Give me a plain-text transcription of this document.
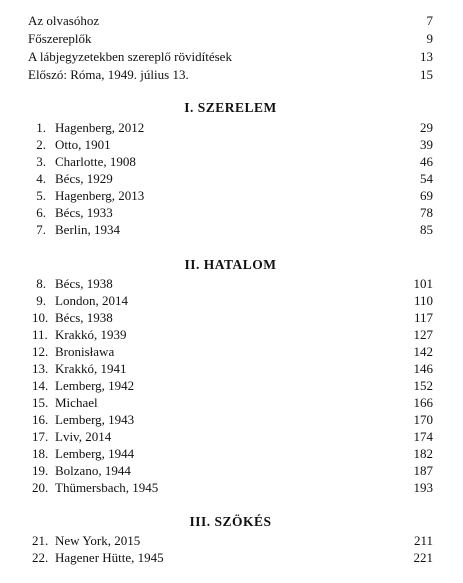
Az olvasóhoz	7
Főszereplők	9
A lábjegyzetekben szereplő rövidítések	13
Előszó: Róma, 1949. július 13.	15
I. SZERELEM
1. Hagenberg, 2012	29
2. Otto, 1901	39
3. Charlotte, 1908	46
4. Bécs, 1929	54
5. Hagenberg, 2013	69
6. Bécs, 1933	78
7. Berlin, 1934	85
II. HATALOM
8. Bécs, 1938	101
9. London, 2014	110
10. Bécs, 1938	117
11. Krakkó, 1939	127
12. Bronisława	142
13. Krakkó, 1941	146
14. Lemberg, 1942	152
15. Michael	166
16. Lemberg, 1943	170
17. Lviv, 2014	174
18. Lemberg, 1944	182
19. Bolzano, 1944	187
20. Thümersbach, 1945	193
III. SZÖKÉS
21. New York, 2015	211
22. Hagener Hütte, 1945	221
